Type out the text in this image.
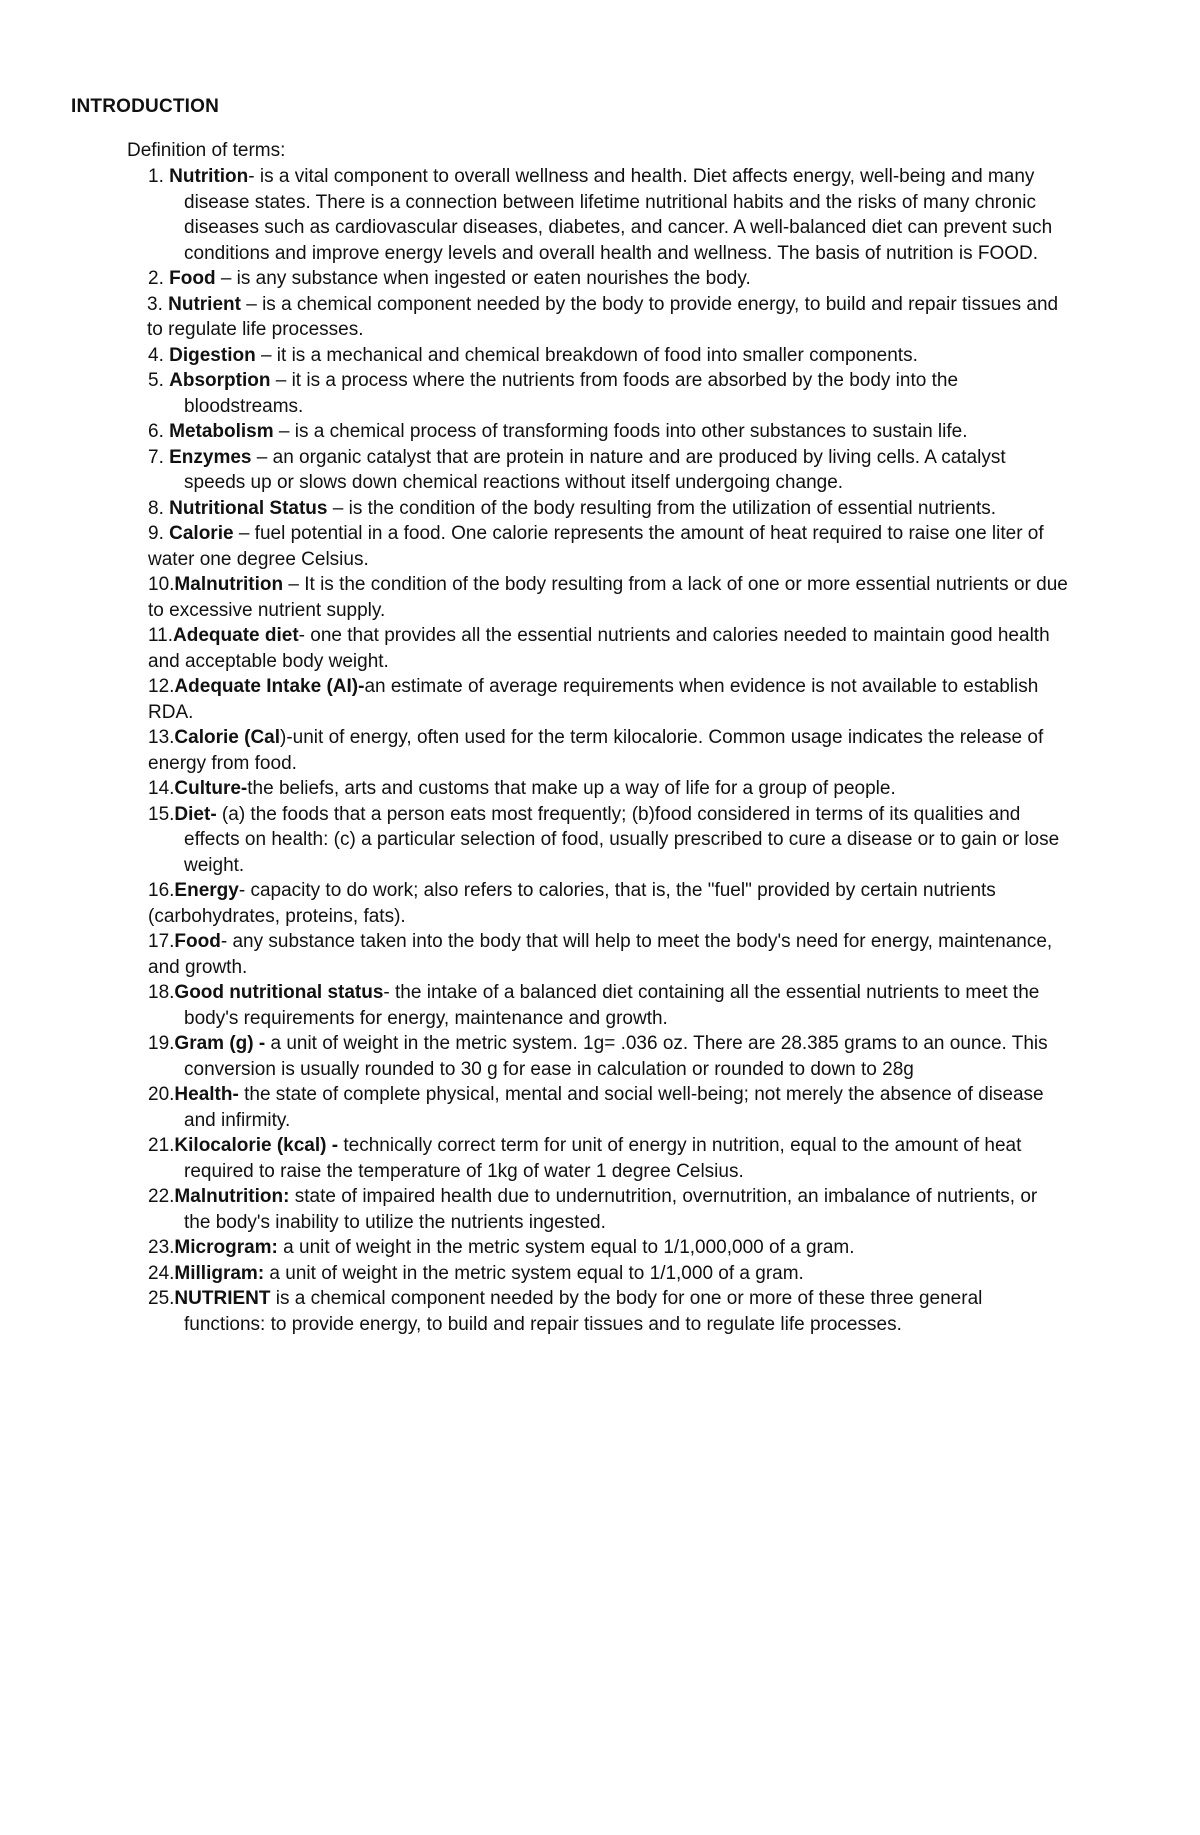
INTRODUCTION
Definition of terms:

1. Nutrition- is a vital component to overall wellness and health. Diet affects energy, well-being and many disease states. There is a connection between lifetime nutritional habits and the risks of many chronic diseases such as cardiovascular diseases, diabetes, and cancer. A well-balanced diet can prevent such conditions and improve energy levels and overall health and wellness. The basis of nutrition is FOOD.

2. Food – is any substance when ingested or eaten nourishes the body.

3. Nutrient – is a chemical component needed by the body to provide energy, to build and repair tissues and to regulate life processes.

4. Digestion – it is a mechanical and chemical breakdown of food into smaller components.

5. Absorption – it is a process where the nutrients from foods are absorbed by the body into the bloodstreams.

6. Metabolism – is a chemical process of transforming foods into other substances to sustain life.

7. Enzymes – an organic catalyst that are protein in nature and are produced by living cells. A catalyst speeds up or slows down chemical reactions without itself undergoing change.

8. Nutritional Status – is the condition of the body resulting from the utilization of essential nutrients.

9. Calorie – fuel potential in a food. One calorie represents the amount of heat required to raise one liter of water one degree Celsius.

10.Malnutrition – It is the condition of the body resulting from a lack of one or more essential nutrients or due to excessive nutrient supply.

11.Adequate diet- one that provides all the essential nutrients and calories needed to maintain good health and acceptable body weight.

12.Adequate Intake (AI)-an estimate of average requirements when evidence is not available to establish RDA.

13.Calorie (Cal)-unit of energy, often used for the term kilocalorie. Common usage indicates the release of energy from food.

14.Culture-the beliefs, arts and customs that make up a way of life for a group of people.

15.Diet- (a) the foods that a person eats most frequently; (b)food considered in terms of its qualities and effects on health: (c) a particular selection of food, usually prescribed to cure a disease or to gain or lose weight.

16.Energy- capacity to do work; also refers to calories, that is, the "fuel" provided by certain nutrients (carbohydrates, proteins, fats).

17.Food- any substance taken into the body that will help to meet the body's need for energy, maintenance, and growth.

18.Good nutritional status- the intake of a balanced diet containing all the essential nutrients to meet the body's requirements for energy, maintenance and growth.

19.Gram (g) - a unit of weight in the metric system. 1g= .036 oz. There are 28.385 grams to an ounce. This conversion is usually rounded to 30 g for ease in calculation or rounded to down to 28g

20.Health- the state of complete physical, mental and social well-being; not merely the absence of disease and infirmity.

21.Kilocalorie (kcal) - technically correct term for unit of energy in nutrition, equal to the amount of heat required to raise the temperature of 1kg of water 1 degree Celsius.

22.Malnutrition: state of impaired health due to undernutrition, overnutrition, an imbalance of nutrients, or the body's inability to utilize the nutrients ingested.

23.Microgram: a unit of weight in the metric system equal to 1/1,000,000 of a gram.

24.Milligram: a unit of weight in the metric system equal to 1/1,000 of a gram.

25.NUTRIENT is a chemical component needed by the body for one or more of these three general functions: to provide energy, to build and repair tissues and to regulate life processes.
